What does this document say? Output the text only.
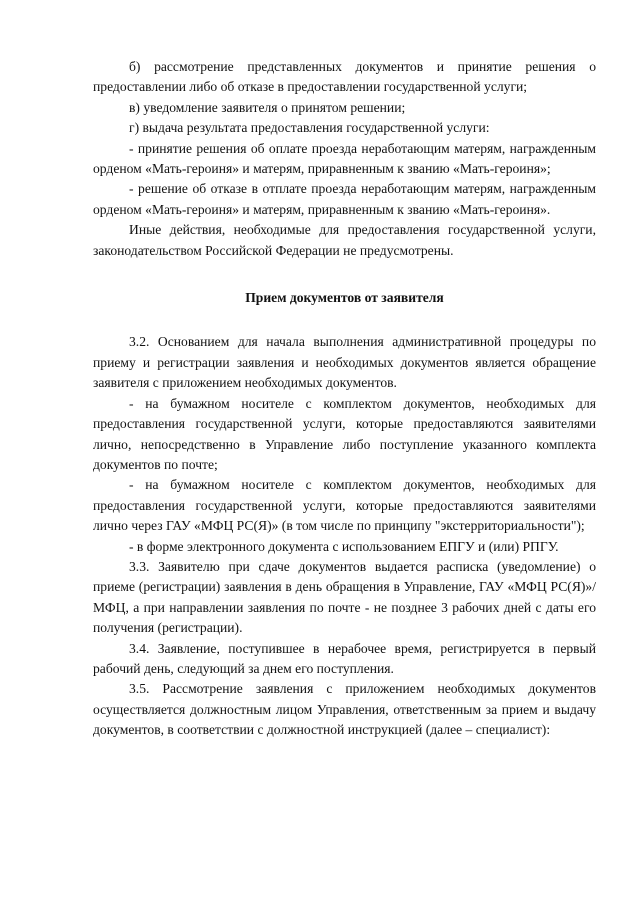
б) рассмотрение представленных документов и принятие решения о предоставлении либо об отказе в предоставлении государственной услуги;

в) уведомление заявителя о принятом решении;

г) выдача результата предоставления государственной услуги:

- принятие решения об оплате проезда неработающим матерям, награжденным орденом «Мать-героиня» и матерям, приравненным к званию «Мать-героиня»;

- решение об отказе в отплате проезда неработающим матерям, награжденным орденом «Мать-героиня» и матерям, приравненным к званию «Мать-героиня».

Иные действия, необходимые для предоставления государственной услуги, законодательством Российской Федерации не предусмотрены.

Прием документов от заявителя

3.2. Основанием для начала выполнения административной процедуры по приему и регистрации заявления и необходимых документов является обращение заявителя с приложением необходимых документов.

- на бумажном носителе с комплектом документов, необходимых для предоставления государственной услуги, которые предоставляются заявителями лично, непосредственно в Управление либо поступление указанного комплекта документов по почте;

- на бумажном носителе с комплектом документов, необходимых для предоставления государственной услуги, которые предоставляются заявителями лично через ГАУ «МФЦ РС(Я)» (в том числе по принципу "экстерриториальности");

- в форме электронного документа с использованием ЕПГУ и (или) РПГУ.

3.3. Заявителю при сдаче документов выдается расписка (уведомление) о приеме (регистрации) заявления в день обращения в Управление, ГАУ «МФЦ РС(Я)»/МФЦ, а при направлении заявления по почте - не позднее 3 рабочих дней с даты его получения (регистрации).

3.4. Заявление, поступившее в нерабочее время, регистрируется в первый рабочий день, следующий за днем его поступления.

3.5. Рассмотрение заявления с приложением необходимых документов осуществляется должностным лицом Управления, ответственным за прием и выдачу документов, в соответствии с должностной инструкцией (далее – специалист):
